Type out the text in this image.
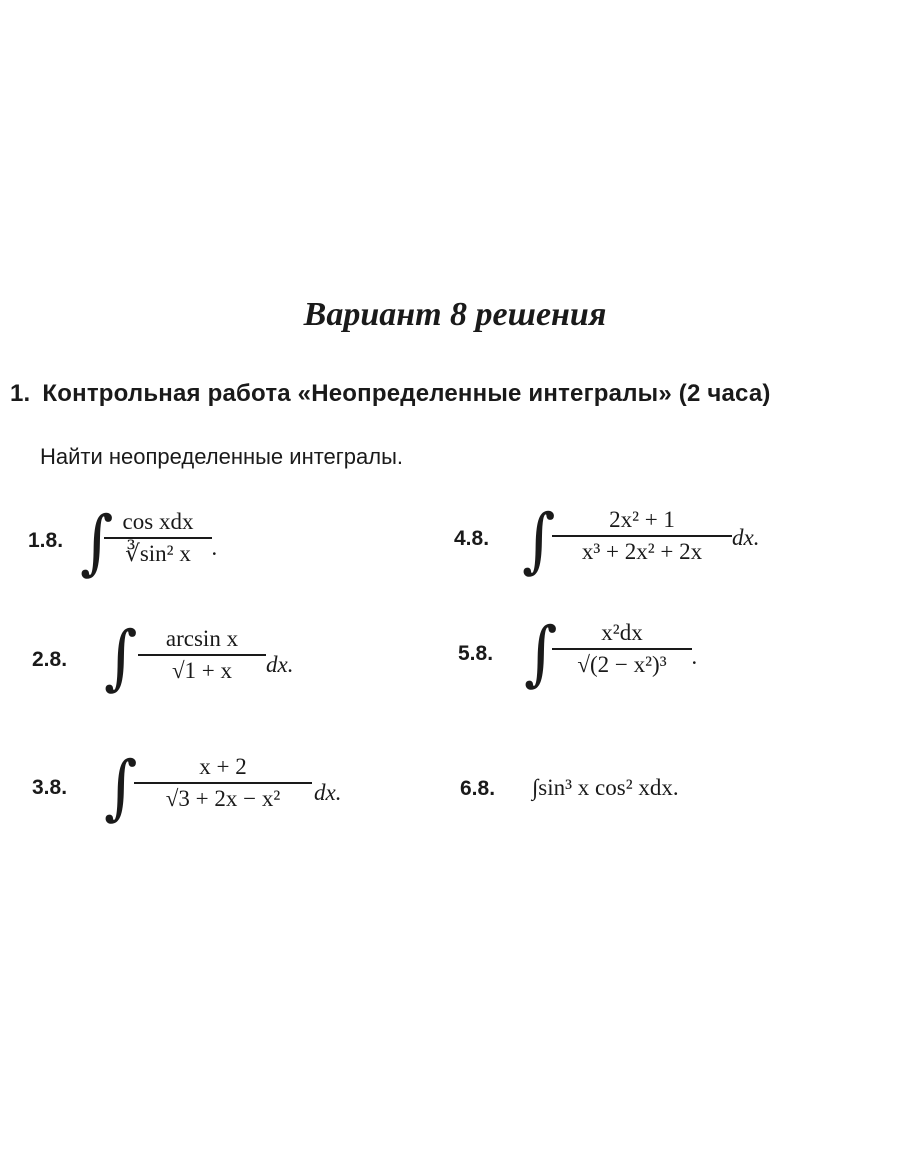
Вариант 8 решения
1. Контрольная работа «Неопределенные интегралы» (2 часа)
Найти неопределенные интегралы.
1.8. ∫ cos xdx
∛sin² x .
2.8. ∫	arcsin x
√1 + x	dx.
3.8. ∫	x + 2
√3 + 2x − x²	dx.
4.8. ∫	2x² + 1
x³ + 2x² + 2x
dx.
5.8. ∫	x²dx
√(2 − x²)³	.
6.8. ∫sin³ x cos² xdx.
